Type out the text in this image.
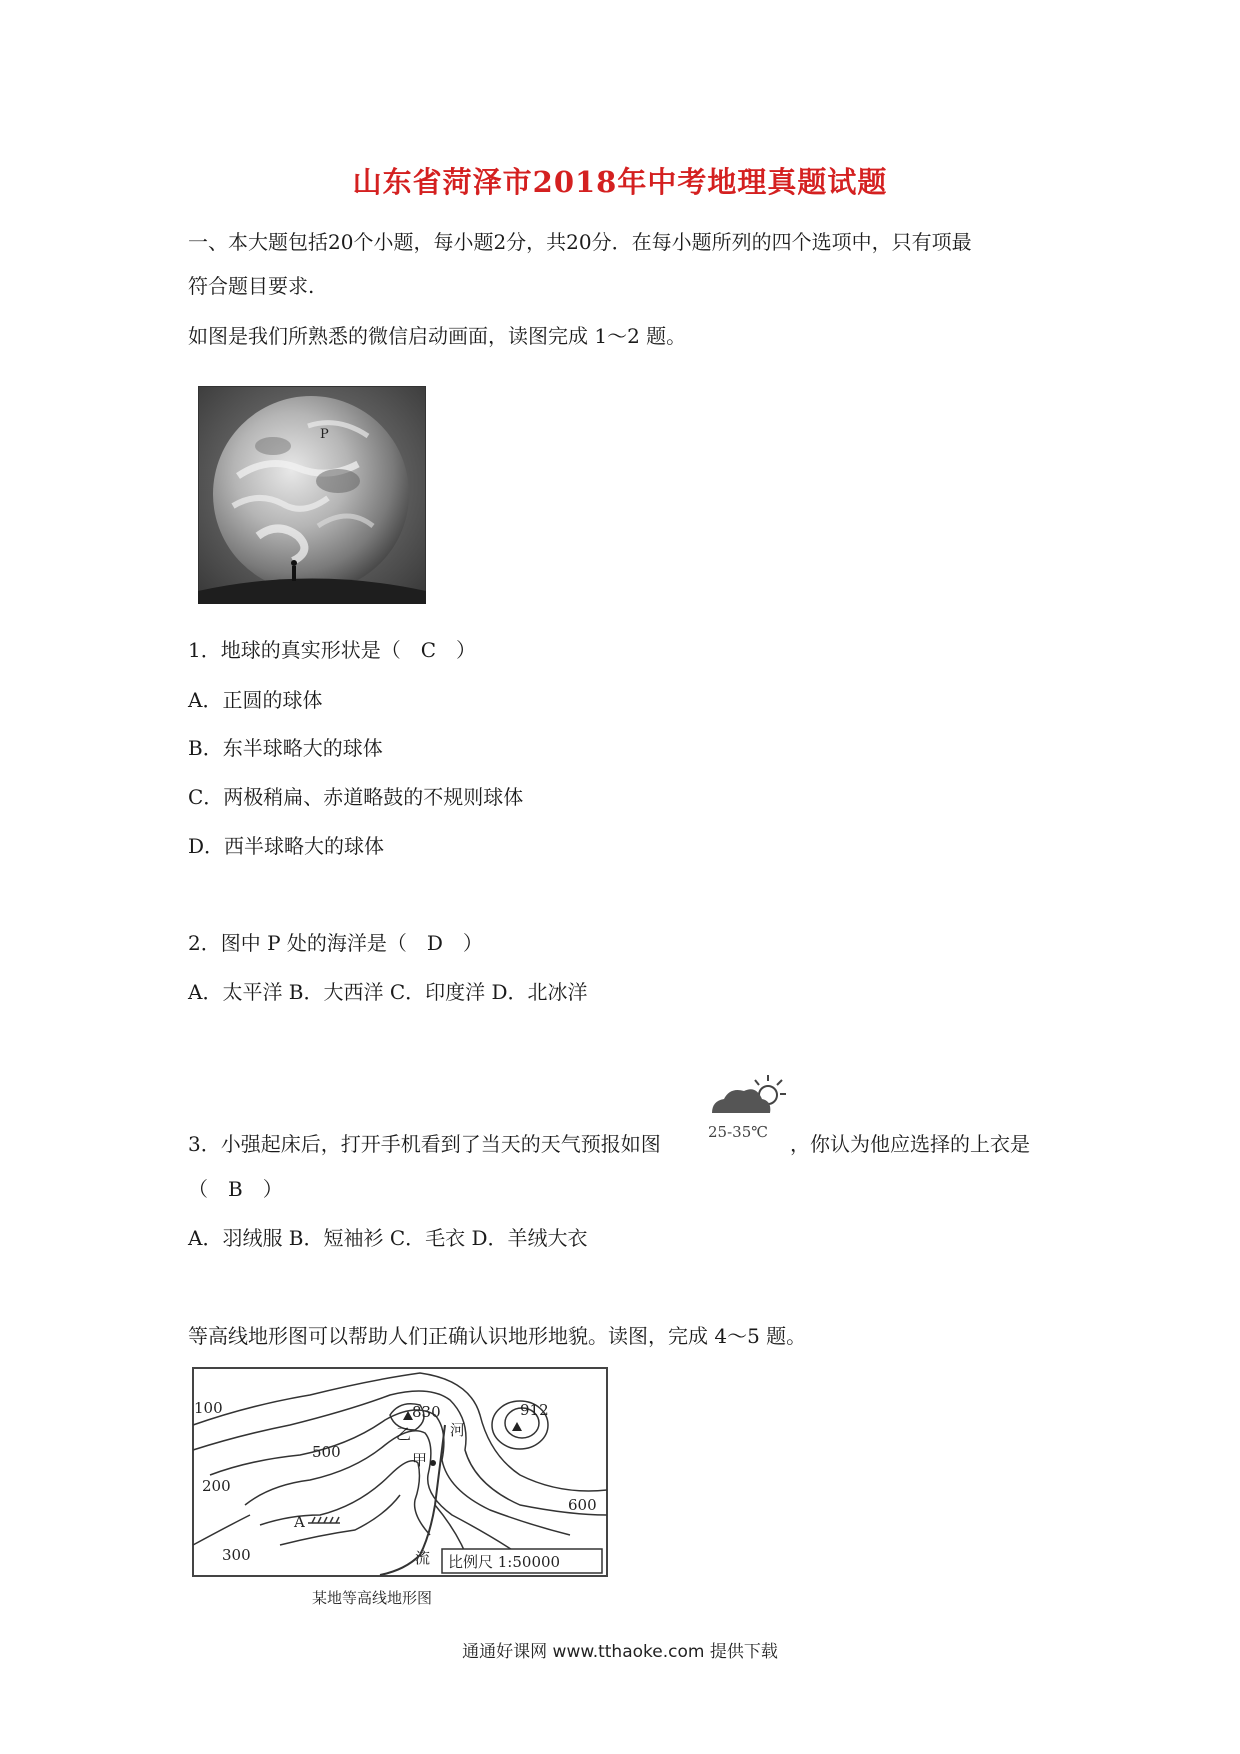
山东省菏泽市2018年中考地理真题试题
一、本大题包括20个小题，每小题2分，共20分．在每小题所列的四个选项中，只有项最
符合题目要求.
如图是我们所熟悉的微信启动画面，读图完成 1～2 题。
P
1．地球的真实形状是（　C　）
A．正圆的球体
B．东半球略大的球体
C．两极稍扁、赤道略鼓的不规则球体
D．西半球略大的球体
2．图中 P 处的海洋是（　D　）
A．太平洋 B．大西洋 C．印度洋 D．北冰洋
3．小强起床后，打开手机看到了当天的天气预报如图	25-35℃ ，你认为他应选择的上衣是
（　B　）
A．羽绒服 B．短袖衫 C．毛衣 D．羊绒大衣
等高线地形图可以帮助人们正确认识地形地貌。读图，完成 4～5 题。
100
200
300
500
600
830	912
乙
甲
河
流
A
比例尺 1:50000
某地等高线地形图
通通好课网 www.tthaoke.com 提供下载
